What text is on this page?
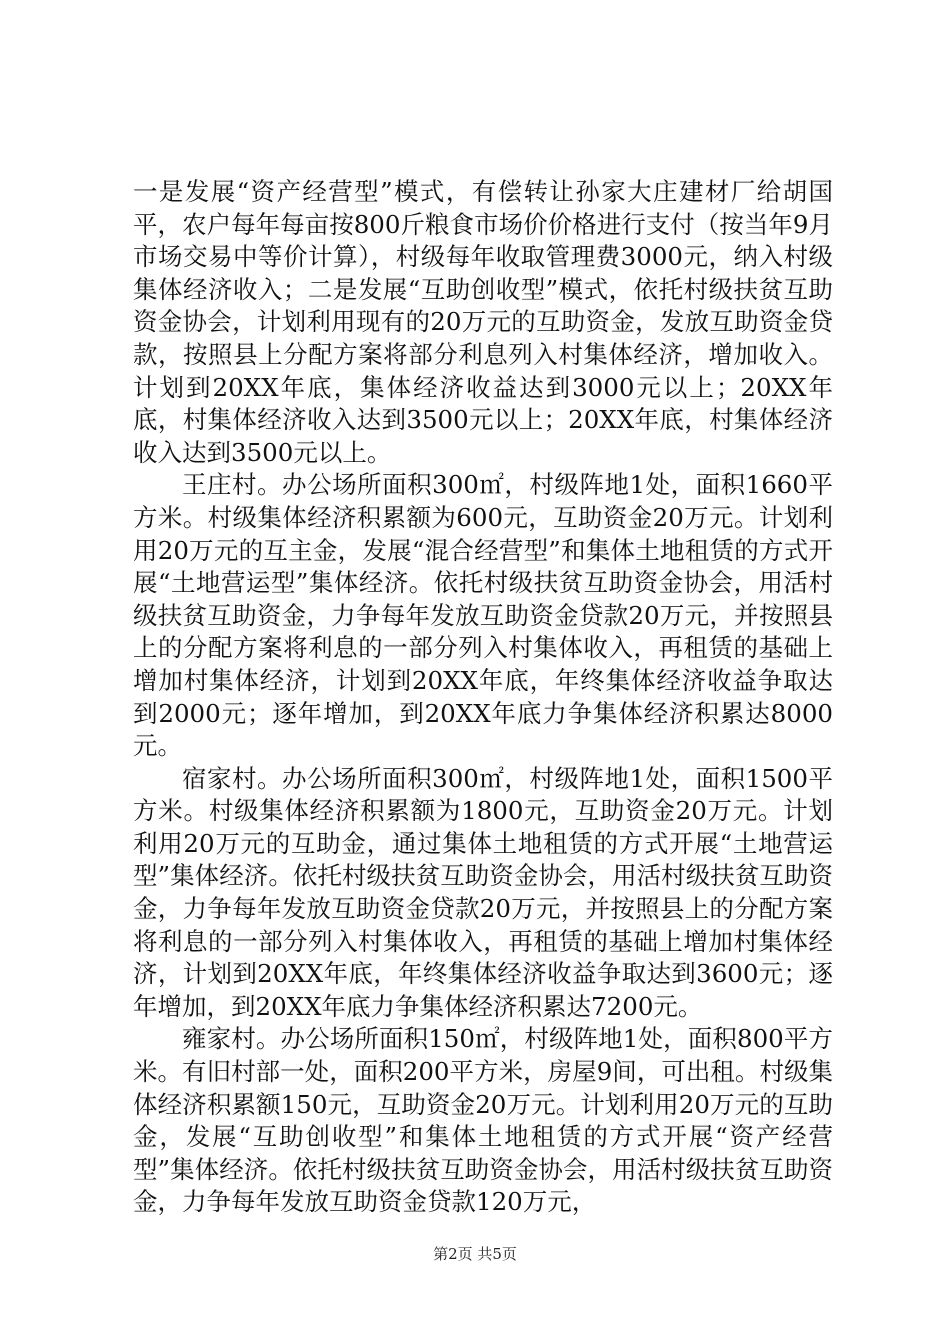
一是发展“资产经营型”模式，有偿转让孙家大庄建材厂给胡国平，农户每年每亩按800斤粮食市场价价格进行支付（按当年9月市场交易中等价计算），村级每年收取管理费3000元，纳入村级集体经济收入；二是发展“互助创收型”模式，依托村级扶贫互助资金协会，计划利用现有的20万元的互助资金，发放互助资金贷款，按照县上分配方案将部分利息列入村集体经济，增加收入。计划到20XX年底，集体经济收益达到3000元以上；20XX年底，村集体经济收入达到3500元以上；20XX年底，村集体经济收入达到3500元以上。

王庄村。办公场所面积300㎡，村级阵地1处，面积1660平方米。村级集体经济积累额为600元，互助资金20万元。计划利用20万元的互主金，发展“混合经营型”和集体土地租赁的方式开展“土地营运型”集体经济。依托村级扶贫互助资金协会，用活村级扶贫互助资金，力争每年发放互助资金贷款20万元，并按照县上的分配方案将利息的一部分列入村集体收入，再租赁的基础上增加村集体经济，计划到20XX年底，年终集体经济收益争取达到2000元；逐年增加，到20XX年底力争集体经济积累达8000元。

宿家村。办公场所面积300㎡，村级阵地1处，面积1500平方米。村级集体经济积累额为1800元，互助资金20万元。计划利用20万元的互助金，通过集体土地租赁的方式开展“土地营运型”集体经济。依托村级扶贫互助资金协会，用活村级扶贫互助资金，力争每年发放互助资金贷款20万元，并按照县上的分配方案将利息的一部分列入村集体收入，再租赁的基础上增加村集体经济，计划到20XX年底，年终集体经济收益争取达到3600元；逐年增加，到20XX年底力争集体经济积累达7200元。

雍家村。办公场所面积150㎡，村级阵地1处，面积800平方米。有旧村部一处，面积200平方米，房屋9间，可出租。村级集体经济积累额150元，互助资金20万元。计划利用20万元的互助金，发展“互助创收型”和集体土地租赁的方式开展“资产经营型”集体经济。依托村级扶贫互助资金协会，用活村级扶贫互助资金，力争每年发放互助资金贷款120万元，

第2页 共5页
